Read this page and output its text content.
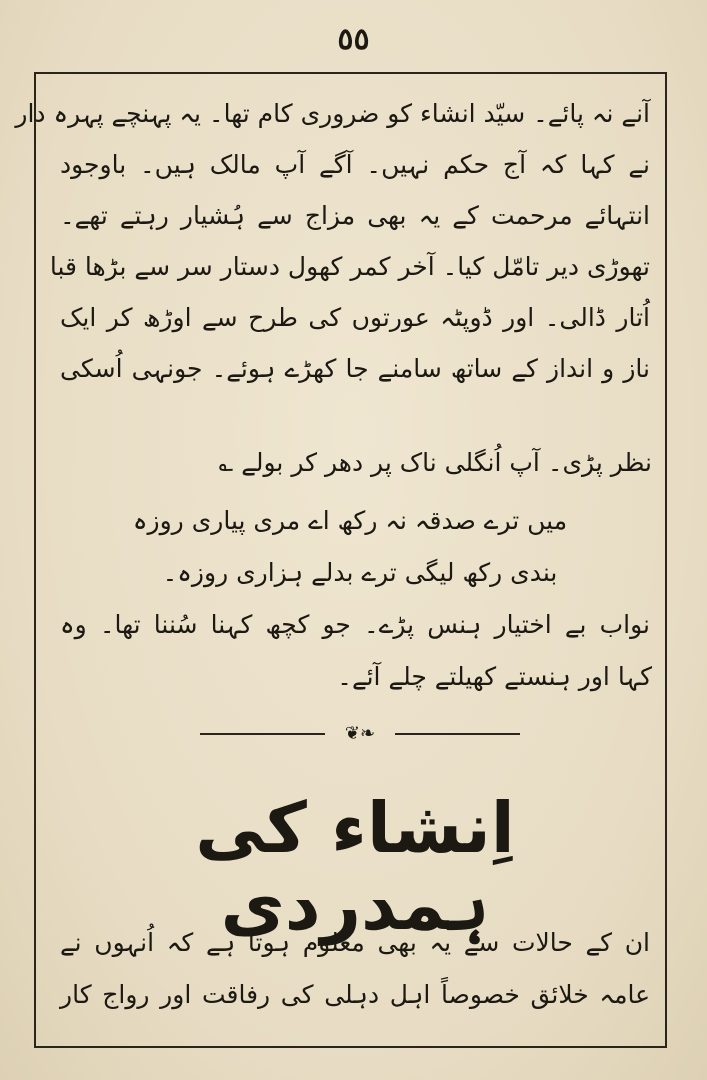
٥٥
آنے نہ پائے۔ سیّد انشاء کو ضروری کام تھا۔ یہ پہنچے پہرہ دار
نے کہا کہ آج حکم نہیں۔ آگے آپ مالک ہیں۔ باوجود
انتہائے مرحمت کے یہ بھی مزاج سے ہُشیار رہتے تھے۔
تھوڑی دیر تامّل کیا۔ آخر کمر کھول دستار سر سے بڑھا قبا
اُتار ڈالی۔ اور ڈوپٹہ عورتوں کی طرح سے اوڑھ کر ایک
ناز و انداز کے ساتھ سامنے جا کھڑے ہوئے۔ جونہی اُسکی
نظر پڑی۔ آپ اُنگلی ناک پر دھر کر بولے ؎
میں ترے صدقہ نہ رکھ اے مری پیاری روزہ
بندی رکھ لیگی ترے بدلے ہزاری روزہ۔
نواب بے اختیار ہنس پڑے۔ جو کچھ کہنا سُننا تھا۔ وہ
کہا اور ہنستے کھیلتے چلے آئے۔
❦❧
اِنشاء کی ہمدردی
ان کے حالات سے یہ بھی معلوم ہوتا ہے کہ اُنہوں نے
عامہ خلائق خصوصاً اہل دہلی کی رفاقت اور رواج کار
